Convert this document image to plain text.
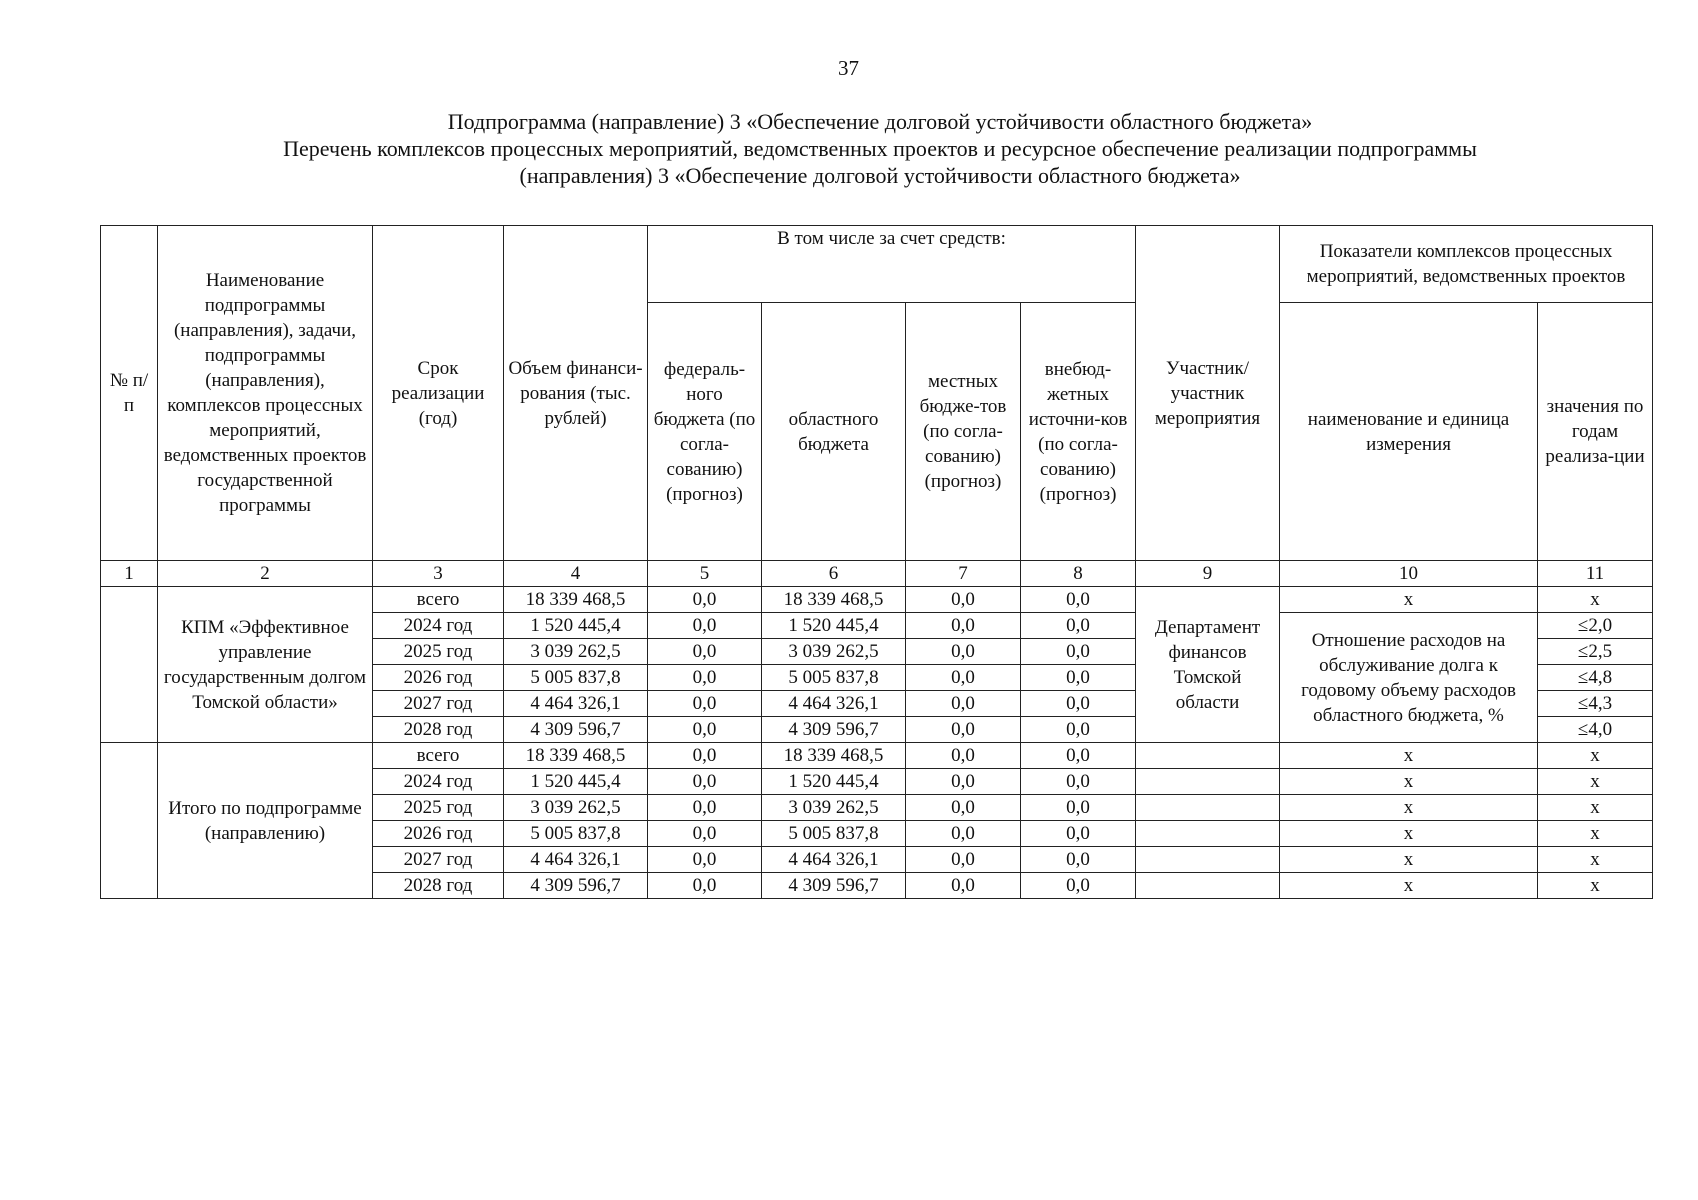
37
Подпрограмма (направление) 3 «Обеспечение долговой устойчивости областного бюджета»
Перечень комплексов процессных мероприятий, ведомственных проектов и ресурсное обеспечение реализации подпрограммы
(направления) 3 «Обеспечение долговой устойчивости областного бюджета»
№ п/п	Наименование подпрограммы (направления), задачи, подпрограммы (направления), комплексов процессных мероприятий, ведомственных проектов государственной программы	Срок реализации (год)	Объем финанси-рования (тыс. рублей)	В том числе за счет средств:				Участник/ участник мероприятия	Показатели комплексов процессных мероприятий, ведомственных проектов	
				федераль-ного бюджета (по согла-сованию) (прогноз)	областного бюджета	местных бюдже-тов (по согла-сованию) (прогноз)	внебюд-жетных источни-ков (по согла-сованию) (прогноз)		наименование и единица измерения	значения по годам реализа-ции
1	2	3	4	5	6	7	8	9	10	11
	КПМ «Эффективное управление государственным долгом Томской области»	всего	18 339 468,5	0,0	18 339 468,5	0,0	0,0	Департамент финансов Томской области	х	х
		2024 год	1 520 445,4	0,0	1 520 445,4	0,0	0,0		Отношение расходов на обслуживание долга к годовому объему расходов областного бюджета, %	≤2,0
		2025 год	3 039 262,5	0,0	3 039 262,5	0,0	0,0			≤2,5
		2026 год	5 005 837,8	0,0	5 005 837,8	0,0	0,0			≤4,8
		2027 год	4 464 326,1	0,0	4 464 326,1	0,0	0,0			≤4,3
		2028 год	4 309 596,7	0,0	4 309 596,7	0,0	0,0			≤4,0
	Итого по подпрограмме (направлению)	всего	18 339 468,5	0,0	18 339 468,5	0,0	0,0		х	х
		2024 год	1 520 445,4	0,0	1 520 445,4	0,0	0,0		х	х
		2025 год	3 039 262,5	0,0	3 039 262,5	0,0	0,0		х	х
		2026 год	5 005 837,8	0,0	5 005 837,8	0,0	0,0		х	х
		2027 год	4 464 326,1	0,0	4 464 326,1	0,0	0,0		х	х
		2028 год	4 309 596,7	0,0	4 309 596,7	0,0	0,0		х	х
